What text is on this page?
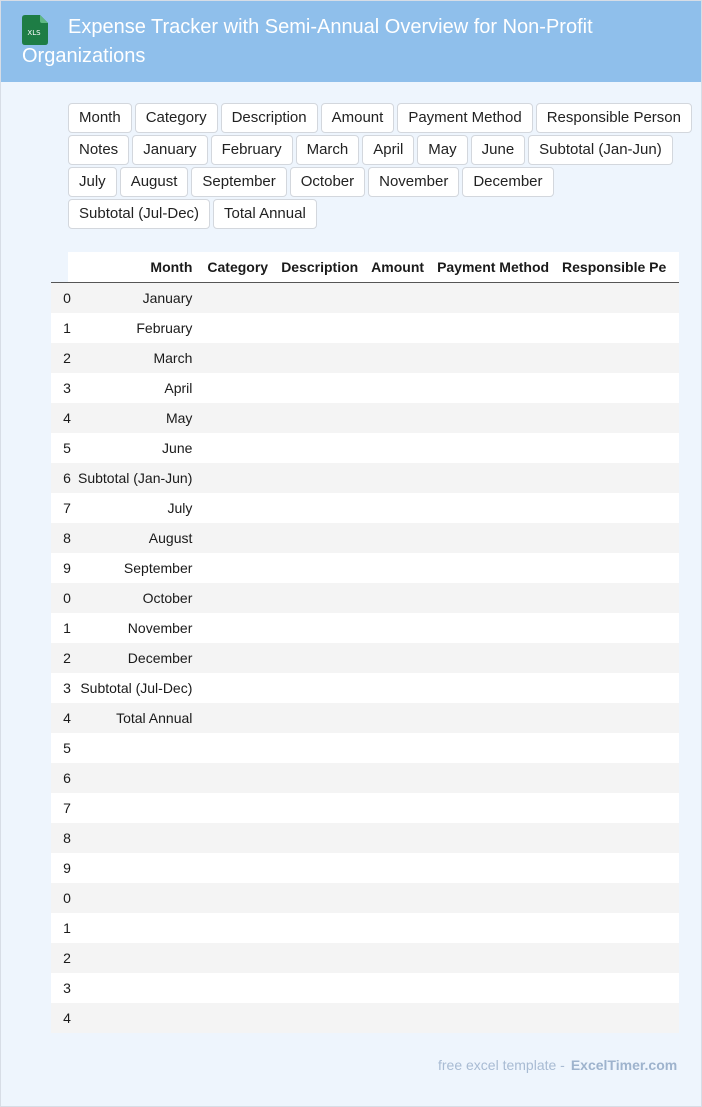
XLS	Expense Tracker with Semi-Annual Overview for Non-Profit Organizations
Month	Category	Description	Amount	Payment Method	Responsible Person
Notes	January	February	March	April	May	June	Subtotal (Jan-Jun)
July	August	September	October	November	December
Subtotal (Jul-Dec)	Total Annual
	Month	Category	Description	Amount	Payment Method	Responsible Pe
0	January					
1	February					
2	March					
3	April					
4	May					
5	June					
6	Subtotal (Jan-Jun)					
7	July					
8	August					
9	September					
0	October					
1	November					
2	December					
3	Subtotal (Jul-Dec)					
4	Total Annual					
5						
6						
7						
8						
9						
0						
1						
2						
3						
4						
free excel template - ExcelTimer.com
